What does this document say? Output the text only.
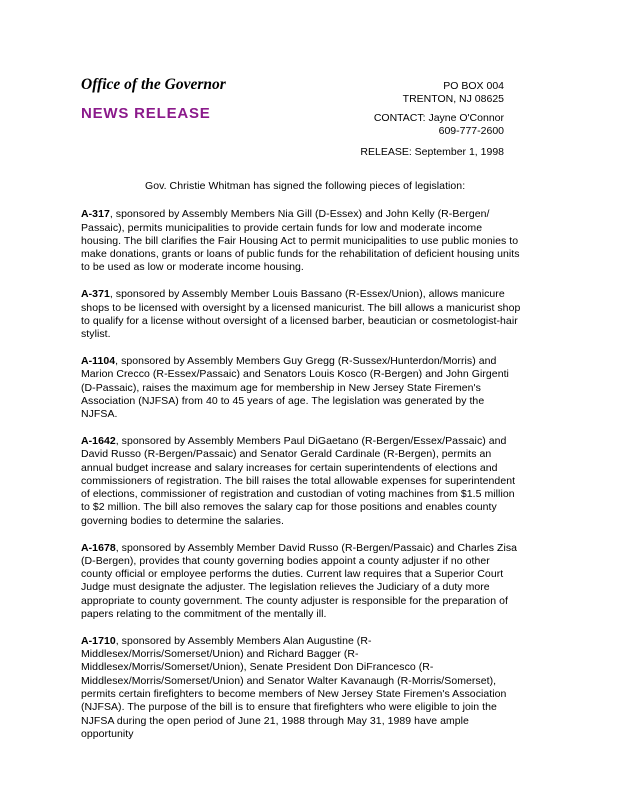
Office of the Governor
NEWS RELEASE
PO BOX 004
TRENTON, NJ 08625
CONTACT: Jayne O'Connor
609-777-2600
RELEASE: September 1, 1998

Gov. Christie Whitman has signed the following pieces of legislation:

A-317, sponsored by Assembly Members Nia Gill (D-Essex) and John Kelly (R-Bergen/ Passaic), permits municipalities to provide certain funds for low and moderate income housing. The bill clarifies the Fair Housing Act to permit municipalities to use public monies to make donations, grants or loans of public funds for the rehabilitation of deficient housing units to be used as low or moderate income housing.

A-371, sponsored by Assembly Member Louis Bassano (R-Essex/Union), allows manicure shops to be licensed with oversight by a licensed manicurist. The bill allows a manicurist shop to qualify for a license without oversight of a licensed barber, beautician or cosmetologist-hair stylist.

A-1104, sponsored by Assembly Members Guy Gregg (R-Sussex/Hunterdon/Morris) and Marion Crecco (R-Essex/Passaic) and Senators Louis Kosco (R-Bergen) and John Girgenti (D-Passaic), raises the maximum age for membership in New Jersey State Firemen's Association (NJFSA) from 40 to 45 years of age. The legislation was generated by the NJFSA.

A-1642, sponsored by Assembly Members Paul DiGaetano (R-Bergen/Essex/Passaic) and David Russo (R-Bergen/Passaic) and Senator Gerald Cardinale (R-Bergen), permits an annual budget increase and salary increases for certain superintendents of elections and commissioners of registration. The bill raises the total allowable expenses for superintendent of elections, commissioner of registration and custodian of voting machines from $1.5 million to $2 million. The bill also removes the salary cap for those positions and enables county governing bodies to determine the salaries.

A-1678, sponsored by Assembly Member David Russo (R-Bergen/Passaic) and Charles Zisa (D-Bergen), provides that county governing bodies appoint a county adjuster if no other county official or employee performs the duties. Current law requires that a Superior Court Judge must designate the adjuster. The legislation relieves the Judiciary of a duty more appropriate to county government. The county adjuster is responsible for the preparation of papers relating to the commitment of the mentally ill.

A-1710, sponsored by Assembly Members Alan Augustine (R- Middlesex/Morris/Somerset/Union) and Richard Bagger (R- Middlesex/Morris/Somerset/Union), Senate President Don DiFrancesco (R-Middlesex/Morris/Somerset/Union) and Senator Walter Kavanaugh (R-Morris/Somerset), permits certain firefighters to become members of New Jersey State Firemen's Association (NJFSA). The purpose of the bill is to ensure that firefighters who were eligible to join the NJFSA during the open period of June 21, 1988 through May 31, 1989 have ample opportunity
